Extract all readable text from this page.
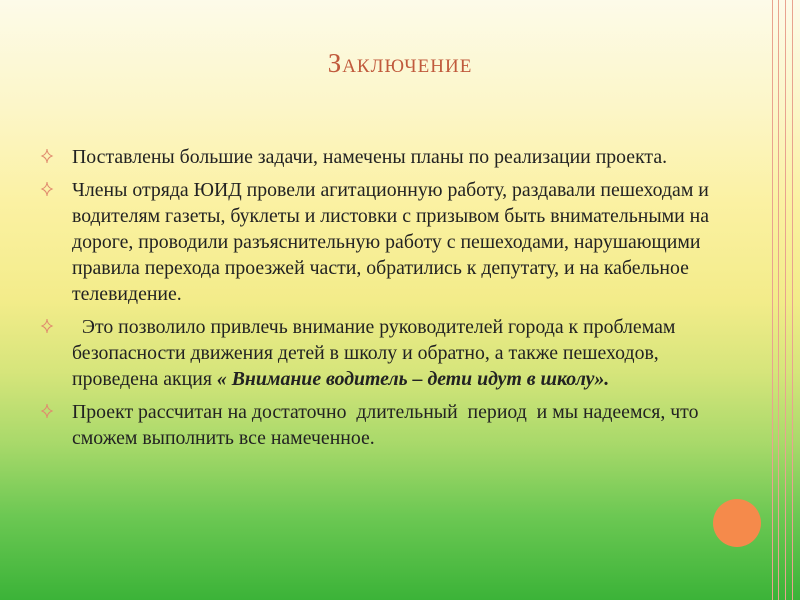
Заключение
Поставлены большие задачи, намечены планы по реализации проекта.
Члены отряда ЮИД провели агитационную работу, раздавали пешеходам и водителям газеты, буклеты и листовки с призывом быть внимательными на дороге, проводили разъяснительную работу с пешеходами, нарушающими правила перехода проезжей части, обратились к депутату, и на кабельное телевидение.
Это позволило привлечь внимание руководителей города к проблемам безопасности движения детей в школу и обратно, а также пешеходов, проведена акция « Внимание водитель – дети идут в школу».
Проект рассчитан на достаточно  длительный  период  и мы надеемся, что сможем выполнить все намеченное.
